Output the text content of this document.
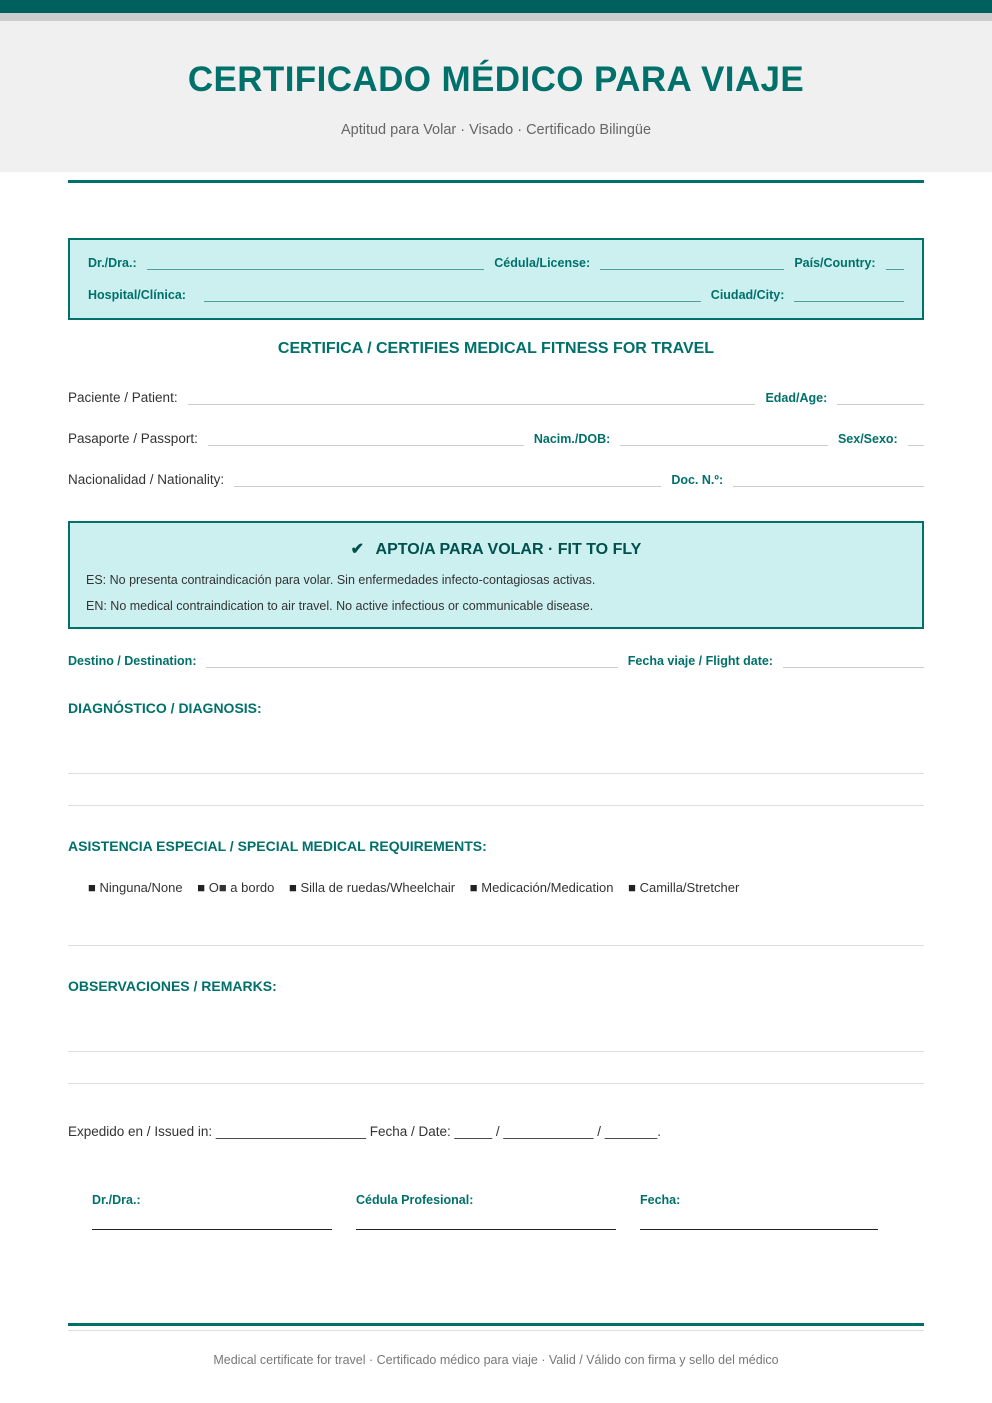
CERTIFICADO MÉDICO PARA VIAJE

Aptitud para Volar · Visado · Certificado Bilingüe

Dr./Dra.:	Cédula/License:	País/Country:
Hospital/Clínica:	Ciudad/City:
CERTIFICA / CERTIFIES MEDICAL FITNESS FOR TRAVEL
Paciente / Patient:	Edad/Age:
Pasaporte / Passport:	Nacim./DOB:	Sex/Sexo:
Nacionalidad / Nationality:	Doc. N.º:
✔ APTO/A PARA VOLAR · FIT TO FLY
ES: No presenta contraindicación para volar. Sin enfermedades infecto-contagiosas activas.
EN: No medical contraindication to air travel. No active infectious or communicable disease.
Destino / Destination:	Fecha viaje / Flight date:
DIAGNÓSTICO / DIAGNOSIS:
ASISTENCIA ESPECIAL / SPECIAL MEDICAL REQUIREMENTS:
■ Ninguna/None ■ O■ a bordo ■ Silla de ruedas/Wheelchair ■ Medicación/Medication ■ Camilla/Stretcher
OBSERVACIONES / REMARKS:
Expedido en / Issued in: ____________________ Fecha / Date: _____ / ____________ / _______.
Dr./Dra.:	Cédula Profesional:	Fecha:
Medical certificate for travel · Certificado médico para viaje · Valid / Válido con firma y sello del médico
